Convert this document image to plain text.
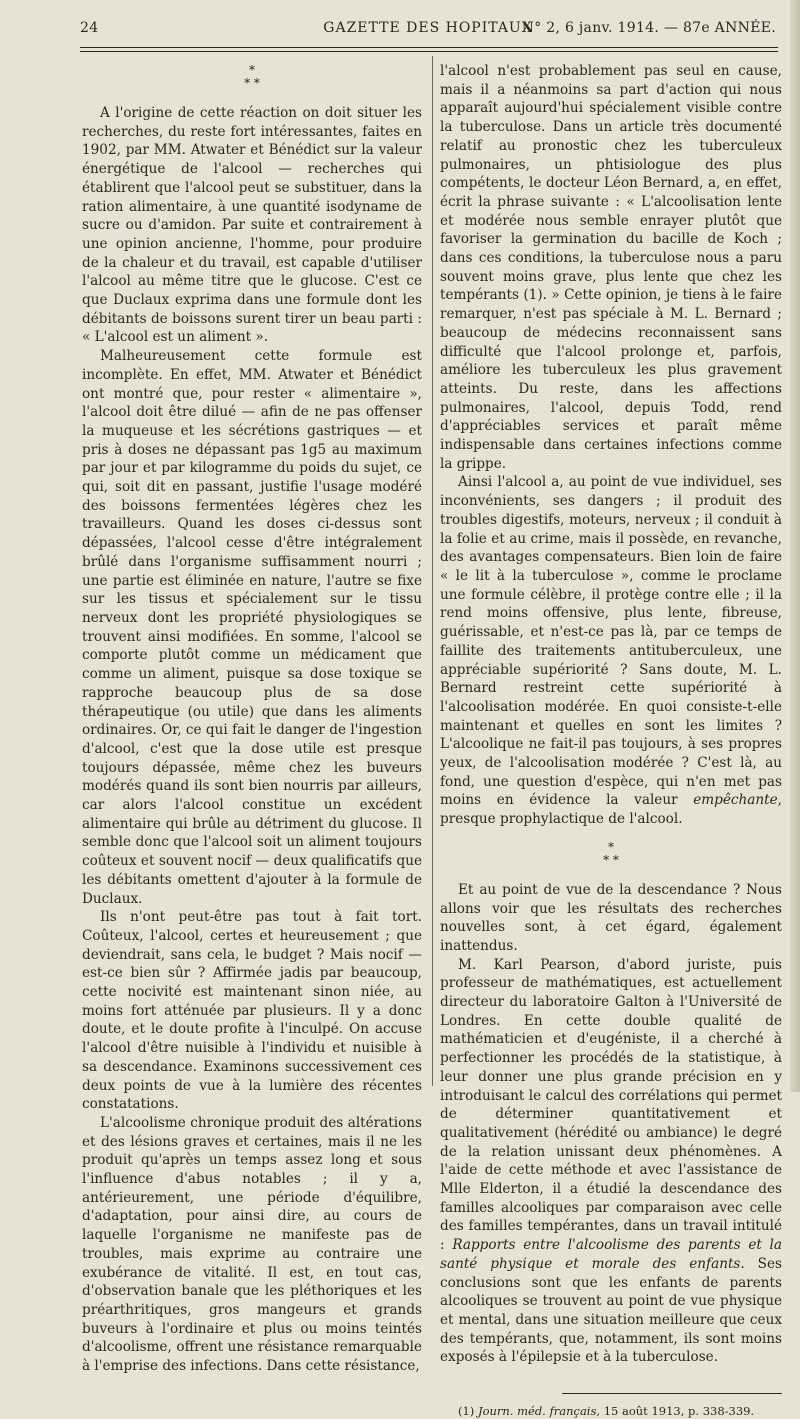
24	GAZETTE DES HOPITAUX
N° 2, 6 janv. 1914. — 87e ANNÉE.
*
* *

A l'origine de cette réaction on doit situer les recherches, du reste fort intéressantes, faites en 1902, par MM. Atwater et Bénédict sur la valeur énergétique de l'alcool — recherches qui établirent que l'alcool peut se substituer, dans la ration alimentaire, à une quantité isodyname de sucre ou d'amidon. Par suite et contrairement à une opinion ancienne, l'homme, pour produire de la chaleur et du travail, est capable d'utiliser l'alcool au même titre que le glucose. C'est ce que Duclaux exprima dans une formule dont les débitants de boissons surent tirer un beau parti : « L'alcool est un aliment ».

Malheureusement cette formule est incomplète. En effet, MM. Atwater et Bénédict ont montré que, pour rester « alimentaire », l'alcool doit être dilué — afin de ne pas offenser la muqueuse et les sécrétions gastriques — et pris à doses ne dépassant pas 1g5 au maximum par jour et par kilogramme du poids du sujet, ce qui, soit dit en passant, justifie l'usage modéré des boissons fermentées légères chez les travailleurs. Quand les doses ci-dessus sont dépassées, l'alcool cesse d'être intégralement brûlé dans l'organisme suffisamment nourri ; une partie est éliminée en nature, l'autre se fixe sur les tissus et spécialement sur le tissu nerveux dont les propriété physiologiques se trouvent ainsi modifiées. En somme, l'alcool se comporte plutôt comme un médicament que comme un aliment, puisque sa dose toxique se rapproche beaucoup plus de sa dose thérapeutique (ou utile) que dans les aliments ordinaires. Or, ce qui fait le danger de l'ingestion d'alcool, c'est que la dose utile est presque toujours dépassée, même chez les buveurs modérés quand ils sont bien nourris par ailleurs, car alors l'alcool constitue un excédent alimentaire qui brûle au détriment du glucose. Il semble donc que l'alcool soit un aliment toujours coûteux et souvent nocif — deux qualificatifs que les débitants omettent d'ajouter à la formule de Duclaux.

Ils n'ont peut-être pas tout à fait tort. Coûteux, l'alcool, certes et heureusement ; que deviendrait, sans cela, le budget ? Mais nocif — est-ce bien sûr ? Affirmée jadis par beaucoup, cette nocivité est maintenant sinon niée, au moins fort atténuée par plusieurs. Il y a donc doute, et le doute profite à l'inculpé. On accuse l'alcool d'être nuisible à l'individu et nuisible à sa descendance. Examinons successivement ces deux points de vue à la lumière des récentes constatations.

L'alcoolisme chronique produit des altérations et des lésions graves et certaines, mais il ne les produit qu'après un temps assez long et sous l'influence d'abus notables ; il y a, antérieurement, une période d'équilibre, d'adaptation, pour ainsi dire, au cours de laquelle l'organisme ne manifeste pas de troubles, mais exprime au contraire une exubérance de vitalité. Il est, en tout cas, d'observation banale que les pléthoriques et les préarthritiques, gros mangeurs et grands buveurs à l'ordinaire et plus ou moins teintés d'alcoolisme, offrent une résistance remarquable à l'emprise des infections. Dans cette résistance,

l'alcool n'est probablement pas seul en cause, mais il a néanmoins sa part d'action qui nous apparaît aujourd'hui spécialement visible contre la tuberculose. Dans un article très documenté relatif au pronostic chez les tuberculeux pulmonaires, un phtisiologue des plus compétents, le docteur Léon Bernard, a, en effet, écrit la phrase suivante : « L'alcoolisation lente et modérée nous semble enrayer plutôt que favoriser la germination du bacille de Koch ; dans ces conditions, la tuberculose nous a paru souvent moins grave, plus lente que chez les tempérants (1). » Cette opinion, je tiens à le faire remarquer, n'est pas spéciale à M. L. Bernard ; beaucoup de médecins reconnaissent sans difficulté que l'alcool prolonge et, parfois, améliore les tuberculeux les plus gravement atteints. Du reste, dans les affections pulmonaires, l'alcool, depuis Todd, rend d'appréciables services et paraît même indispensable dans certaines infections comme la grippe.

Ainsi l'alcool a, au point de vue individuel, ses inconvénients, ses dangers ; il produit des troubles digestifs, moteurs, nerveux ; il conduit à la folie et au crime, mais il possède, en revanche, des avantages compensateurs. Bien loin de faire « le lit à la tuberculose », comme le proclame une formule célèbre, il protège contre elle ; il la rend moins offensive, plus lente, fibreuse, guérissable, et n'est-ce pas là, par ce temps de faillite des traitements antituberculeux, une appréciable supériorité ? Sans doute, M. L. Bernard restreint cette supériorité à l'alcoolisation modérée. En quoi consiste-t-elle maintenant et quelles en sont les limites ? L'alcoolique ne fait-il pas toujours, à ses propres yeux, de l'alcoolisation modérée ? C'est là, au fond, une question d'espèce, qui n'en met pas moins en évidence la valeur empêchante, presque prophylactique de l'alcool.

*
* *

Et au point de vue de la descendance ? Nous allons voir que les résultats des recherches nouvelles sont, à cet égard, également inattendus.

M. Karl Pearson, d'abord juriste, puis professeur de mathématiques, est actuellement directeur du laboratoire Galton à l'Université de Londres. En cette double qualité de mathématicien et d'eugéniste, il a cherché à perfectionner les procédés de la statistique, à leur donner une plus grande précision en y introduisant le calcul des corrélations qui permet de déterminer quantitativement et qualitativement (hérédité ou ambiance) le degré de la relation unissant deux phénomènes. A l'aide de cette méthode et avec l'assistance de Mlle Elderton, il a étudié la descendance des familles alcooliques par comparaison avec celle des familles tempérantes, dans un travail intitulé : Rapports entre l'alcoolisme des parents et la santé physique et morale des enfants. Ses conclusions sont que les enfants de parents alcooliques se trouvent au point de vue physique et mental, dans une situation meilleure que ceux des tempérants, que, notamment, ils sont moins exposés à l'épilepsie et à la tuberculose.

(1) Journ. méd. français, 15 août 1913, p. 338-339.
